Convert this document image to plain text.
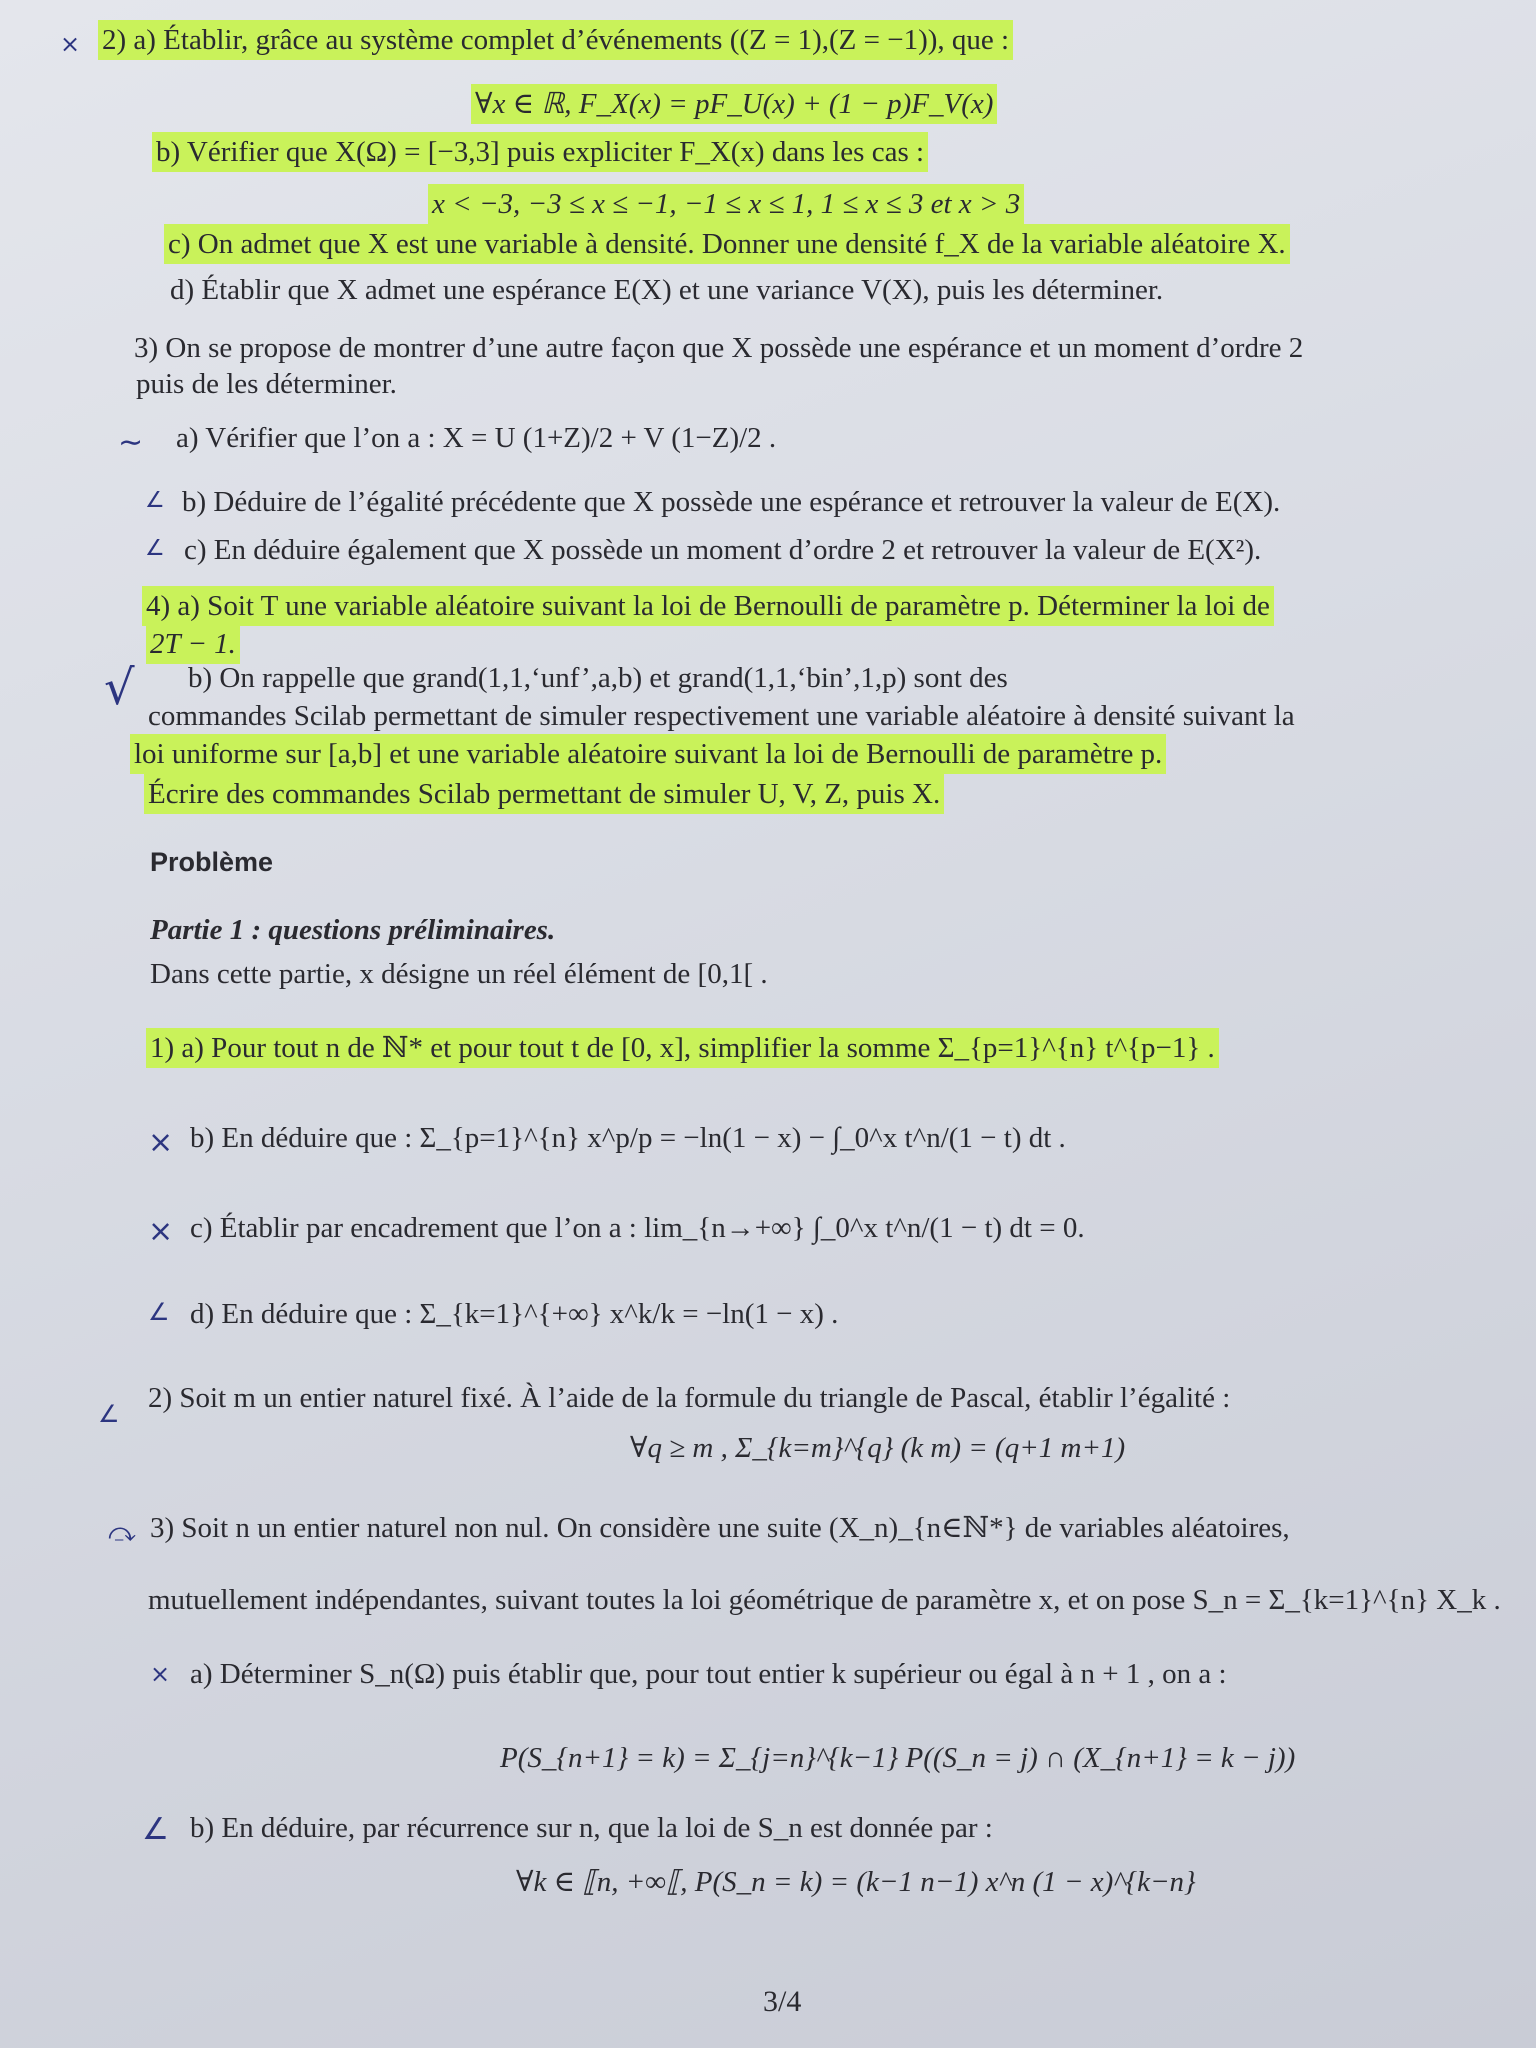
⨯
∼
∠
∠
√
⨯
⨯
∠
∠
⤼
×
∠
2) a) Établir, grâce au système complet d’événements ((Z = 1),(Z = −1)), que :
∀x ∈ ℝ, F_X(x) = pF_U(x) + (1 − p)F_V(x)
b) Vérifier que X(Ω) = [−3,3] puis expliciter F_X(x) dans les cas :
x < −3, −3 ≤ x ≤ −1, −1 ≤ x ≤ 1, 1 ≤ x ≤ 3 et x > 3
c) On admet que X est une variable à densité. Donner une densité f_X de la variable aléatoire X.
d) Établir que X admet une espérance E(X) et une variance V(X), puis les déterminer.
3) On se propose de montrer d’une autre façon que X possède une espérance et un moment d’ordre 2
puis de les déterminer.
a) Vérifier que l’on a : X = U (1+Z)/2 + V (1−Z)/2 .
b) Déduire de l’égalité précédente que X possède une espérance et retrouver la valeur de E(X).
c) En déduire également que X possède un moment d’ordre 2 et retrouver la valeur de E(X²).
4) a) Soit T une variable aléatoire suivant la loi de Bernoulli de paramètre p. Déterminer la loi de
2T − 1.
b) On rappelle que grand(1,1,‘unf’,a,b) et grand(1,1,‘bin’,1,p) sont des
commandes Scilab permettant de simuler respectivement une variable aléatoire à densité suivant la
loi uniforme sur [a,b] et une variable aléatoire suivant la loi de Bernoulli de paramètre p.
Écrire des commandes Scilab permettant de simuler U, V, Z, puis X.
Problème
Partie 1 : questions préliminaires.
Dans cette partie, x désigne un réel élément de [0,1[ .
1) a) Pour tout n de ℕ* et pour tout t de [0, x], simplifier la somme Σ_{p=1}^{n} t^{p−1} .
b) En déduire que : Σ_{p=1}^{n} x^p/p = −ln(1 − x) − ∫_0^x t^n/(1 − t) dt .
c) Établir par encadrement que l’on a : lim_{n→+∞} ∫_0^x t^n/(1 − t) dt = 0.
d) En déduire que : Σ_{k=1}^{+∞} x^k/k = −ln(1 − x) .
2) Soit m un entier naturel fixé. À l’aide de la formule du triangle de Pascal, établir l’égalité :
∀q ≥ m , Σ_{k=m}^{q} (k m) = (q+1 m+1)
3) Soit n un entier naturel non nul. On considère une suite (X_n)_{n∈ℕ*} de variables aléatoires,
mutuellement indépendantes, suivant toutes la loi géométrique de paramètre x, et on pose S_n = Σ_{k=1}^{n} X_k .
a) Déterminer S_n(Ω) puis établir que, pour tout entier k supérieur ou égal à n + 1 , on a :
P(S_{n+1} = k) = Σ_{j=n}^{k−1} P((S_n = j) ∩ (X_{n+1} = k − j))
b) En déduire, par récurrence sur n, que la loi de S_n est donnée par :
∀k ∈ ⟦n, +∞⟦, P(S_n = k) = (k−1 n−1) x^n (1 − x)^{k−n}
3/4
